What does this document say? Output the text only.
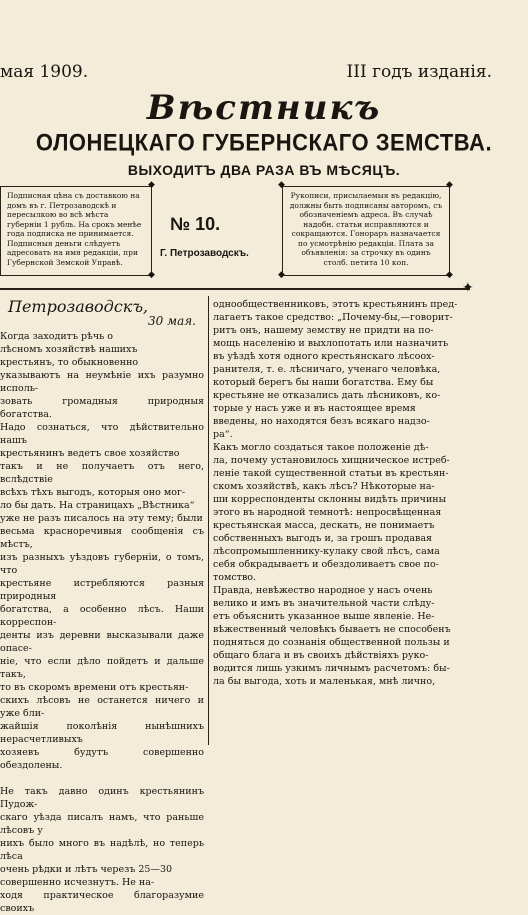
мая 1909.	III годъ изданія.
Вѣстникъ
ОЛОНЕЦКАГО ГУБЕРНСКАГО ЗЕМСТВА.
ВЫХОДИТЪ ДВА РАЗА ВЪ МѢСЯЦЪ.
Подписная цѣна съ доставкою на домъ въ г. Петрозаводскѣ и пересылкою во всѣ мѣста губерніи 1 рубль. На срокъ менѣе года подписка не принимается. Подписныя деньги слѣдуетъ адресовать на имя редакціи, при Губернской Земской Управѣ.
◆
◆
№ 10.
Г. Петрозаводскъ.
◆
◆
Рукописи, присылаемыя въ редакцію, должны быть подписаны авторомъ, съ обозначеніемъ адреса. Въ случаѣ надобн. статьи исправляются и сокращаются. Гонораръ назначается по усмотрѣнію редакціи. Плата за объявленія: за строчку въ одинъ столб. петита 10 коп.
◆
◆
✦
Петрозаводскъ,
30 мая.
Когда заходитъ рѣчь о
лѣсномъ хозяйствѣ нашихъ
крестьянъ, то обыкновенно
указываютъ на неумѣніе ихъ разумно исполь-
зовать громадныя природныя богатства.
Надо сознаться, что дѣйствительно нашъ
крестьянинъ ведетъ свое хозяйство
такъ и не получаетъ отъ него, вслѣдствіе
всѣхъ тѣхъ выгодъ, которыя оно мог-
ло бы дать. На страницахъ „Вѣстника“
уже не разъ писалось на эту тему; были
весьма красноречивыя сообщенія съ мѣстъ,
изъ разныхъ уѣздовъ губерніи, о томъ, что
крестьяне истребляются разныя природныя
богатства, а особенно лѣсъ. Наши корреспон-
денты изъ деревни высказывали даже опасе-
ніе, что если дѣло пойдетъ и дальше такъ,
то въ скоромъ времени отъ крестьян-
скихъ лѣсовъ не останется ничего и уже бли-
жайшія поколѣнія нынѣшнихъ нерасчетливыхъ
хозяевъ будутъ совершенно обездолены.

Не такъ давно одинъ крестьянинъ Пудож-
скаго уѣзда писалъ намъ, что раньше лѣсовъ у
нихъ было много въ надѣлѣ, но теперь лѣса
очень рѣдки и лѣтъ черезъ 25—30
совершенно исчезнутъ. Не на-
ходя практическое благоразумие своихъ
однообщественниковъ, этотъ крестьянинъ пред-
лагаетъ такое средство: „Почему-бы,—говорит-
ритъ онъ, нашему земству не придти на по-
мощь населенію и выхлопотать или назначить
въ уѣздѣ хотя одного крестьянскаго лѣсоох-
ранителя, т. е. лѣсничаго, ученаго человѣка,
который берегъ бы наши богатства. Ему бы
крестьяне не отказались дать лѣсниковъ, ко-
торые у насъ уже и въ настоящее время
введены, но находятся безъ всякаго надзо-
ра“.
Какъ могло создаться такое положеніе дѣ-
ла, почему установилось хищническое истреб-
леніе такой существенной статьи въ крестьян-
скомъ хозяйствѣ, какъ лѣсъ? Нѣкоторые на-
ши корреспонденты склонны видѣть причины
этого въ народной темнотѣ: непросвѣщенная
крестьянская масса, дескать, не понимаетъ
собственныхъ выгодъ и, за грошъ продавая
лѣсопромышленнику-кулаку свой лѣсъ, сама
себя обкрадываетъ и обездоливаетъ свое по-
томство.
Правда, невѣжество народное у насъ очень
велико и имъ въ значительной части слѣду-
етъ объяснить указанное выше явленіе. Не-
вѣжественный человѣкъ бываетъ не способенъ
подняться до сознанія общественной пользы и
общаго блага и въ своихъ дѣйствіяхъ руко-
водится лишь узкимъ личнымъ расчетомъ: бы-
ла бы выгода, хоть и маленькая, мнѣ лично,
